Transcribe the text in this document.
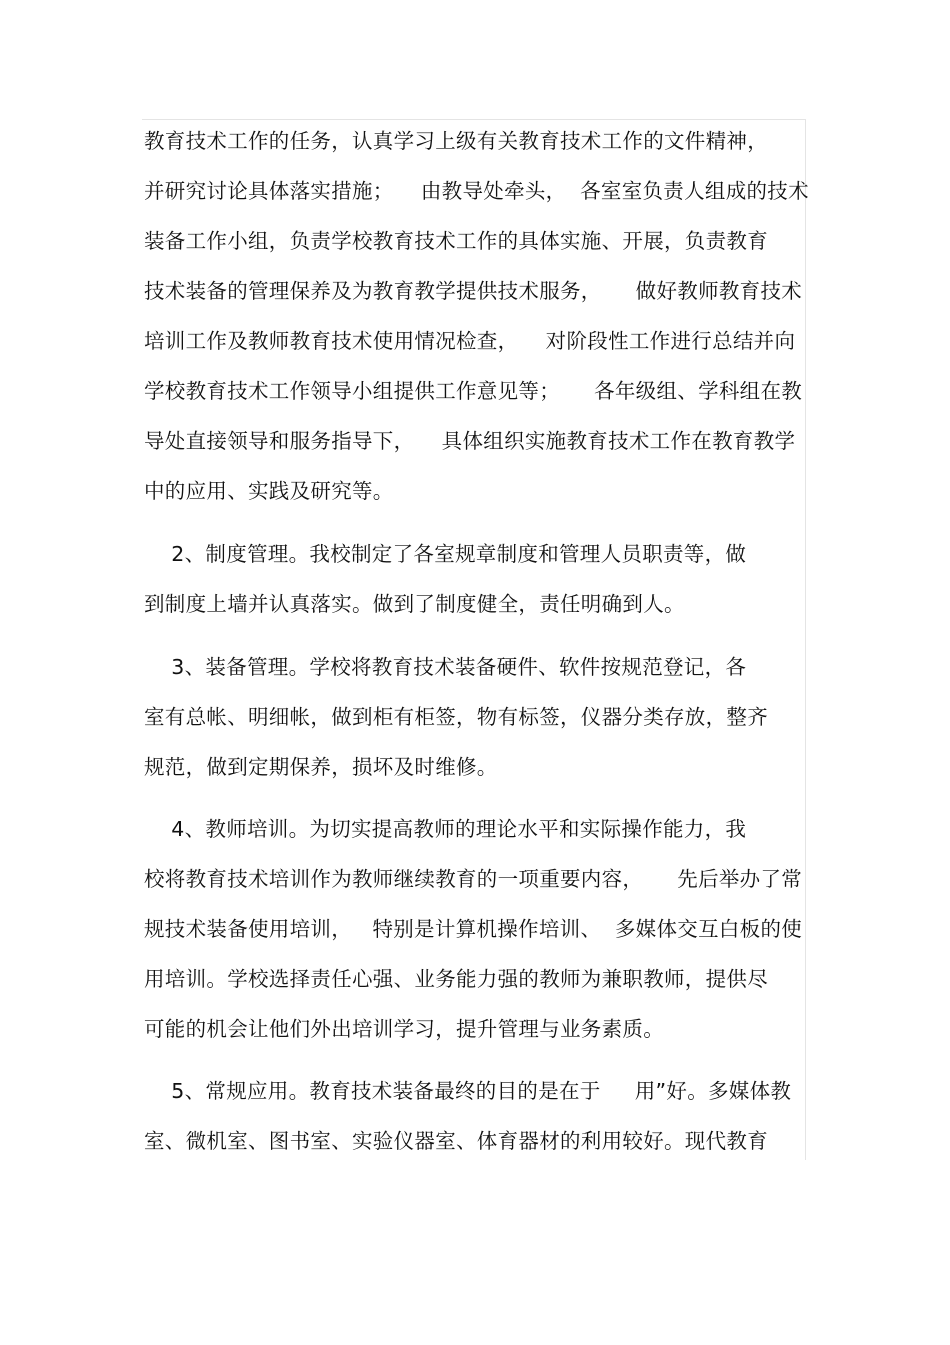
教育技术工作的任务，认真学习上级有关教育技术工作的文件精神，
并研究讨论具体落实措施；    由教导处牵头，  各室室负责人组成的技术
装备工作小组，负责学校教育技术工作的具体实施、开展，负责教育
技术装备的管理保养及为教育教学提供技术服务，     做好教师教育技术
培训工作及教师教育技术使用情况检查，    对阶段性工作进行总结并向
学校教育技术工作领导小组提供工作意见等；     各年级组、学科组在教
导处直接领导和服务指导下，    具体组织实施教育技术工作在教育教学
中的应用、实践及研究等。
2、制度管理。我校制定了各室规章制度和管理人员职责等，做
到制度上墙并认真落实。做到了制度健全，责任明确到人。
3、装备管理。学校将教育技术装备硬件、软件按规范登记，各
室有总帐、明细帐，做到柜有柜签，物有标签，仪器分类存放，整齐
规范，做到定期保养，损坏及时维修。
4、教师培训。为切实提高教师的理论水平和实际操作能力，我
校将教育技术培训作为教师继续教育的一项重要内容，     先后举办了常
规技术装备使用培训，   特别是计算机操作培训、  多媒体交互白板的使
用培训。学校选择责任心强、业务能力强的教师为兼职教师，提供尽
可能的机会让他们外出培训学习，提升管理与业务素质。
5、常规应用。教育技术装备最终的目的是在于     用”好。多媒体教
室、微机室、图书室、实验仪器室、体育器材的利用较好。现代教育
